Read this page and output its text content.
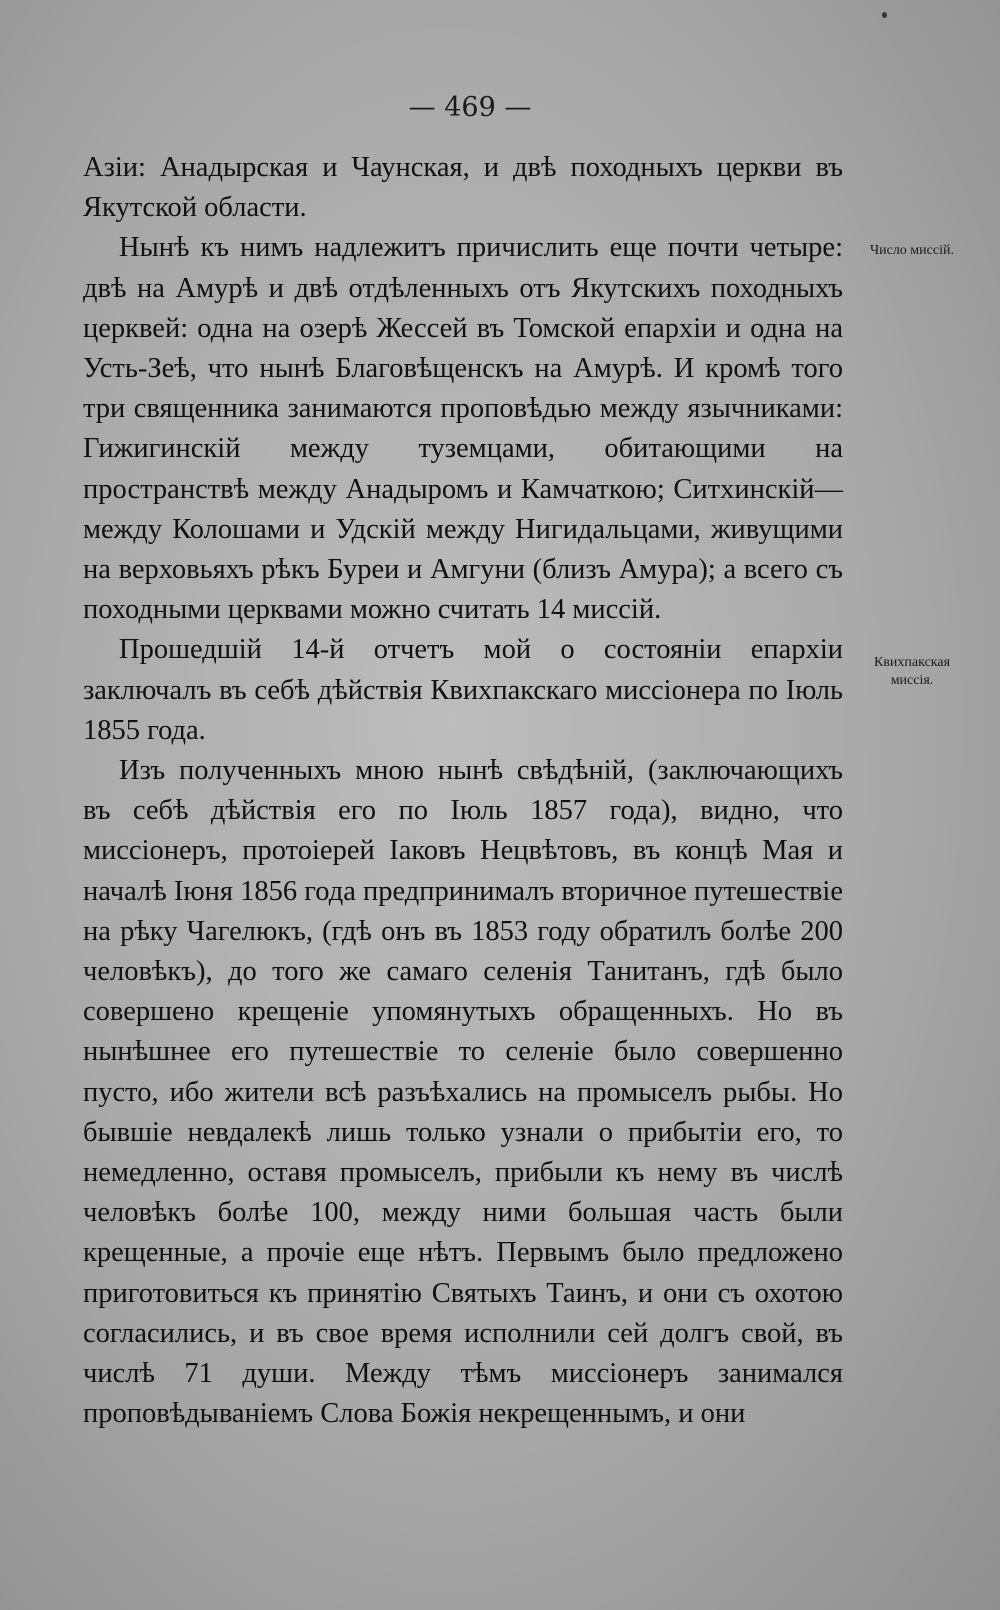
— 469 —

Азіи: Анадырская и Чаунская, и двѣ походныхъ церкви въ Якутской области.

Нынѣ къ нимъ надлежитъ причислить еще почти четыре: двѣ на Амурѣ и двѣ отдѣленныхъ отъ Якутскихъ походныхъ церквей: одна на озерѣ Жессей въ Томской епархіи и одна на Усть-Зеѣ, что нынѣ Благовѣщенскъ на Амурѣ. И кромѣ того три священника занимаются проповѣдью между язычниками: Гижигинскій между туземцами, обитающими на пространствѣ между Анадыромъ и Камчаткою; Ситхинскій—между Колошами и Удскій между Нигидальцами, живущими на верховьяхъ рѣкъ Буреи и Амгуни (близъ Амура); а всего съ походными церквами можно считать 14 миссій.

Прошедшій 14-й отчетъ мой о состояніи епархіи заключалъ въ себѣ дѣйствія Квихпакскаго миссіонера по Іюль 1855 года.

Изъ полученныхъ мною нынѣ свѣдѣній, (заключающихъ въ себѣ дѣйствія его по Іюль 1857 года), видно, что миссіонеръ, протоіерей Іаковъ Нецвѣтовъ, въ концѣ Мая и началѣ Іюня 1856 года предпринималъ вторичное путешествіе на рѣку Чагелюкъ, (гдѣ онъ въ 1853 году обратилъ болѣе 200 человѣкъ), до того же самаго селенія Танитанъ, гдѣ было совершено крещеніе упомянутыхъ обращенныхъ. Но въ нынѣшнее его путешествіе то селеніе было совершенно пусто, ибо жители всѣ разъѣхались на промыселъ рыбы. Но бывшіе невдалекѣ лишь только узнали о прибытіи его, то немедленно, оставя промыселъ, прибыли къ нему въ числѣ человѣкъ болѣе 100, между ними большая часть были крещенные, а прочіе еще нѣтъ. Первымъ было предложено приготовиться къ принятію Святыхъ Таинъ, и они съ охотою согласились, и въ свое время исполнили сей долгъ свой, въ числѣ 71 души. Между тѣмъ миссіонеръ занимался проповѣдываніемъ Слова Божія некрещеннымъ, и они

Число миссій.
Квихпакская миссія.
